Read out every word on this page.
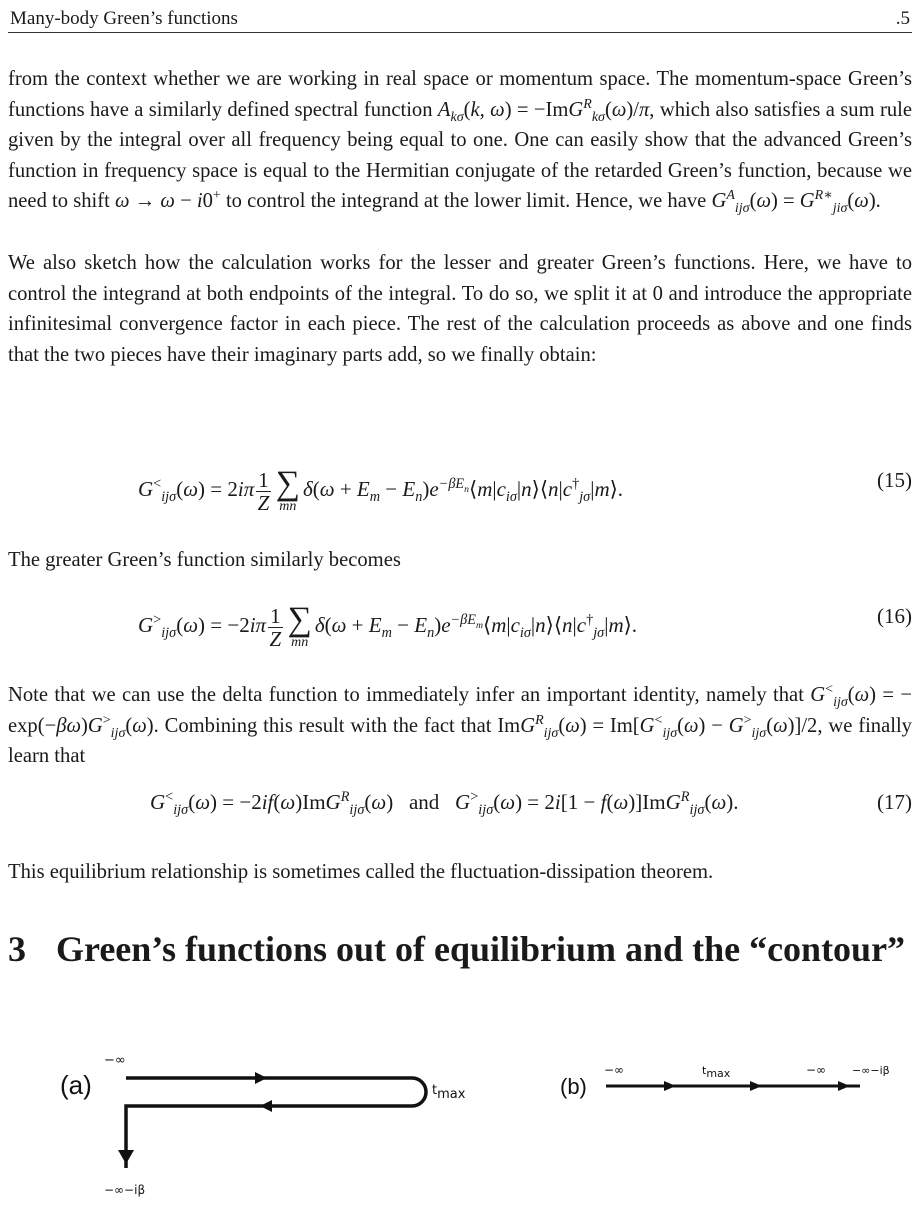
Many-body Green’s functions	.5

from the context whether we are working in real space or momentum space. The momentum-space Green’s functions have a similarly defined spectral function $A_{k\sigma}(k$, ω) = −ImG$^R_{k\sigma}$(ω)/π, which also satisfies a sum rule given by the integral over all frequency being equal to one. One can easily show that the advanced Green’s function in frequency space is equal to the Hermitian conjugate of the retarded Green’s function, because we need to shift ω → ω − i0+ to control the integrand at the lower limit. Hence, we have $G^A_{ij\sigma}(\omega) = G^{R∗}_{ji\sigma}(\omega)$.

We also sketch how the calculation works for the lesser and greater Green’s functions. Here, we have to control the integrand at both endpoints of the integral. To do so, we split it at 0 and introduce the appropriate infinitesimal convergence factor in each piece. The rest of the calculation proceeds as above and one finds that the two pieces have their imaginary parts add, so we finally obtain:

$G^<_{ij\sigma}(\omega) = 2i\pi \frac{1}{Z}$ ∑
mn
$\delta(\omega + E_m$ − $E_n)e^{-\beta E_n}⟨m|c_{i\sigma}|n⟩⟨n|c^\dagger_{j\sigma}|m⟩$.	(15)

The greater Green’s function similarly becomes

$G^>_{ij\sigma}(\omega) = -2i\pi \frac{1}{Z}$ ∑
mn
$\delta(\omega + E_m$ − $E_n)e^{-\beta E_m}⟨m|c_{i\sigma}|n⟩⟨n|c^\dagger_{j\sigma}|m⟩$.	(16)

Note that we can use the delta function to immediately infer an important identity, namely that $G^<_{ij\sigma}(\omega)$ = − $\exp(-\beta\omega)G^>_{ij\sigma}(\omega)$. Combining this result with the fact that $ImG^R_{ij\sigma}(\omega) = Im[G^<_{ij\sigma}(\omega) - G^>_{ij\sigma}(\omega)]/2$, we finally learn that

$G^<_{ij\sigma}(\omega) = -2if(\omega)ImG^R_{ij\sigma}(\omega)$ and $G^>_{ij\sigma}(\omega) = 2i[1 - f(\omega)]ImG^R_{ij\sigma}(\omega)$.	(17)

This equilibrium relationship is sometimes called the fluctuation-dissipation theorem.

3 Green’s functions out of equilibrium and the “contour”
(a)
−∞
tmax
−∞−iβ
(b)
−∞	tmax	−∞ −∞−iβ
